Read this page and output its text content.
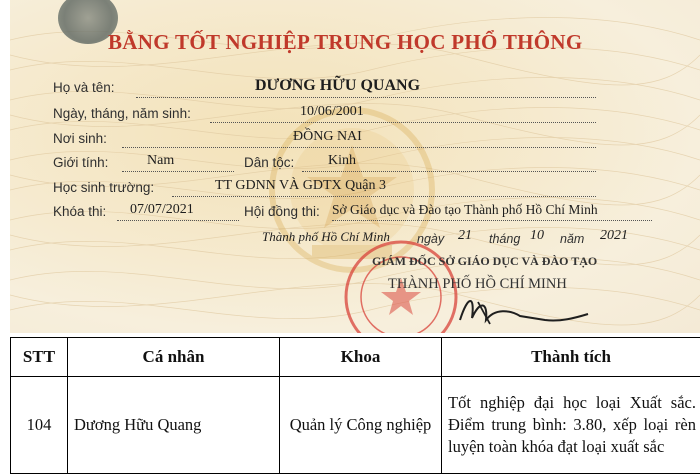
BẰNG TỐT NGHIỆP TRUNG HỌC PHỔ THÔNG
Họ và tên:	DƯƠNG HỮU QUANG
Ngày, tháng, năm sinh:	10/06/2001
Nơi sinh:	ĐỒNG NAI
Giới tính:	Nam	Dân tộc: Kinh
Học sinh trường:	TT GDNN VÀ GDTX Quận 3
Khóa thi: 07/07/2021	Hội đồng thi: Sở Giáo dục và Đào tạo Thành phố Hồ Chí Minh
Thành phố Hồ Chí Minh ngày 21 tháng 10 năm 2021
GIÁM ĐỐC SỞ GIÁO DỤC VÀ ĐÀO TẠO
THÀNH PHỐ HỒ CHÍ MINH
STT	Cá nhân	Khoa	Thành tích
104	Dương Hữu Quang	Quản lý Công nghiệp	Tốt nghiệp đại học loại Xuất sắc. Điểm trung bình: 3.80, xếp loại rèn luyện toàn khóa đạt loại xuất sắc
